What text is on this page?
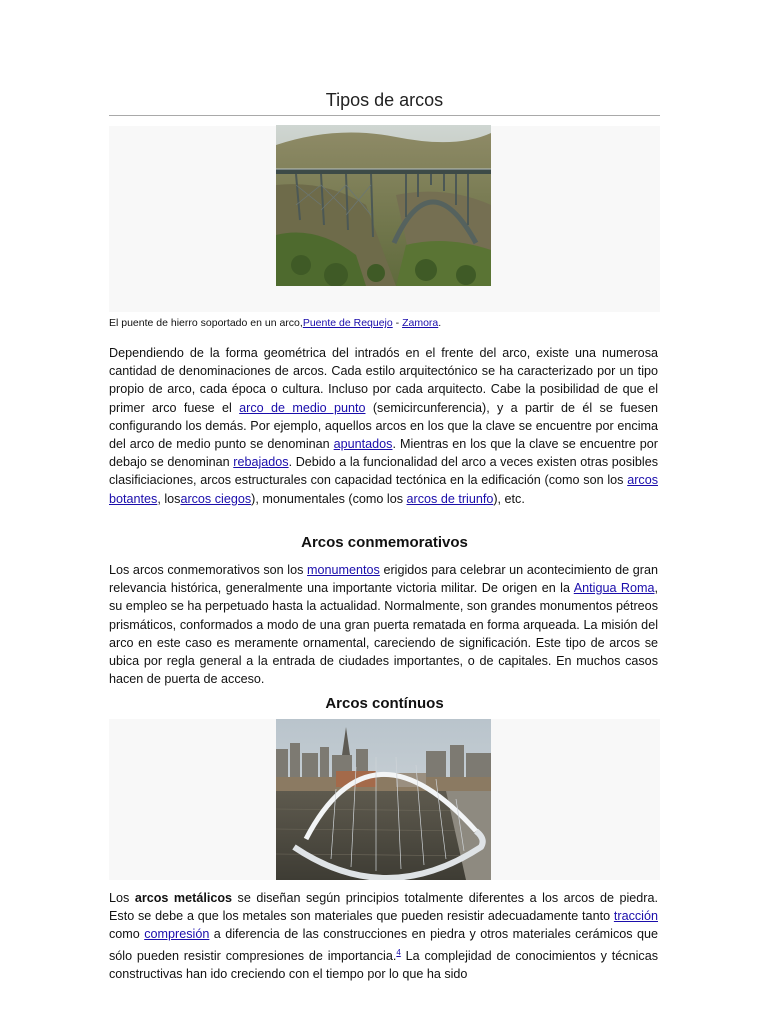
Tipos de arcos
El puente de hierro soportado en un arco,Puente de Requejo - Zamora.
Dependiendo de la forma geométrica del intradós en el frente del arco, existe una numerosa cantidad de denominaciones de arcos. Cada estilo arquitectónico se ha caracterizado por un tipo propio de arco, cada época o cultura. Incluso por cada arquitecto. Cabe la posibilidad de que el primer arco fuese el arco de medio punto (semicircunferencia), y a partir de él se fuesen configurando los demás. Por ejemplo, aquellos arcos en los que la clave se encuentre por encima del arco de medio punto se denominan apuntados. Mientras en los que la clave se encuentre por debajo se denominan rebajados. Debido a la funcionalidad del arco a veces existen otras posibles clasificiaciones, arcos estructurales con capacidad tectónica en la edificación (como son los arcos botantes, losarcos ciegos), monumentales (como los arcos de triunfo), etc.
Arcos conmemorativos
Los arcos conmemorativos son los monumentos erigidos para celebrar un acontecimiento de gran relevancia histórica, generalmente una importante victoria militar. De origen en la Antigua Roma, su empleo se ha perpetuado hasta la actualidad. Normalmente, son grandes monumentos pétreos prismáticos, conformados a modo de una gran puerta rematada en forma arqueada. La misión del arco en este caso es meramente ornamental, careciendo de significación. Este tipo de arcos se ubica por regla general a la entrada de ciudades importantes, o de capitales. En muchos casos hacen de puerta de acceso.
Arcos contínuos
Los arcos metálicos se diseñan según principios totalmente diferentes a los arcos de piedra. Esto se debe a que los metales son materiales que pueden resistir adecuadamente tanto tracción como compresión a diferencia de las construcciones en piedra y otros materiales cerámicos que sólo pueden resistir compresiones de importancia.$^4$ La complejidad de conocimientos y técnicas constructivas han ido creciendo con el tiempo por lo que ha sido
